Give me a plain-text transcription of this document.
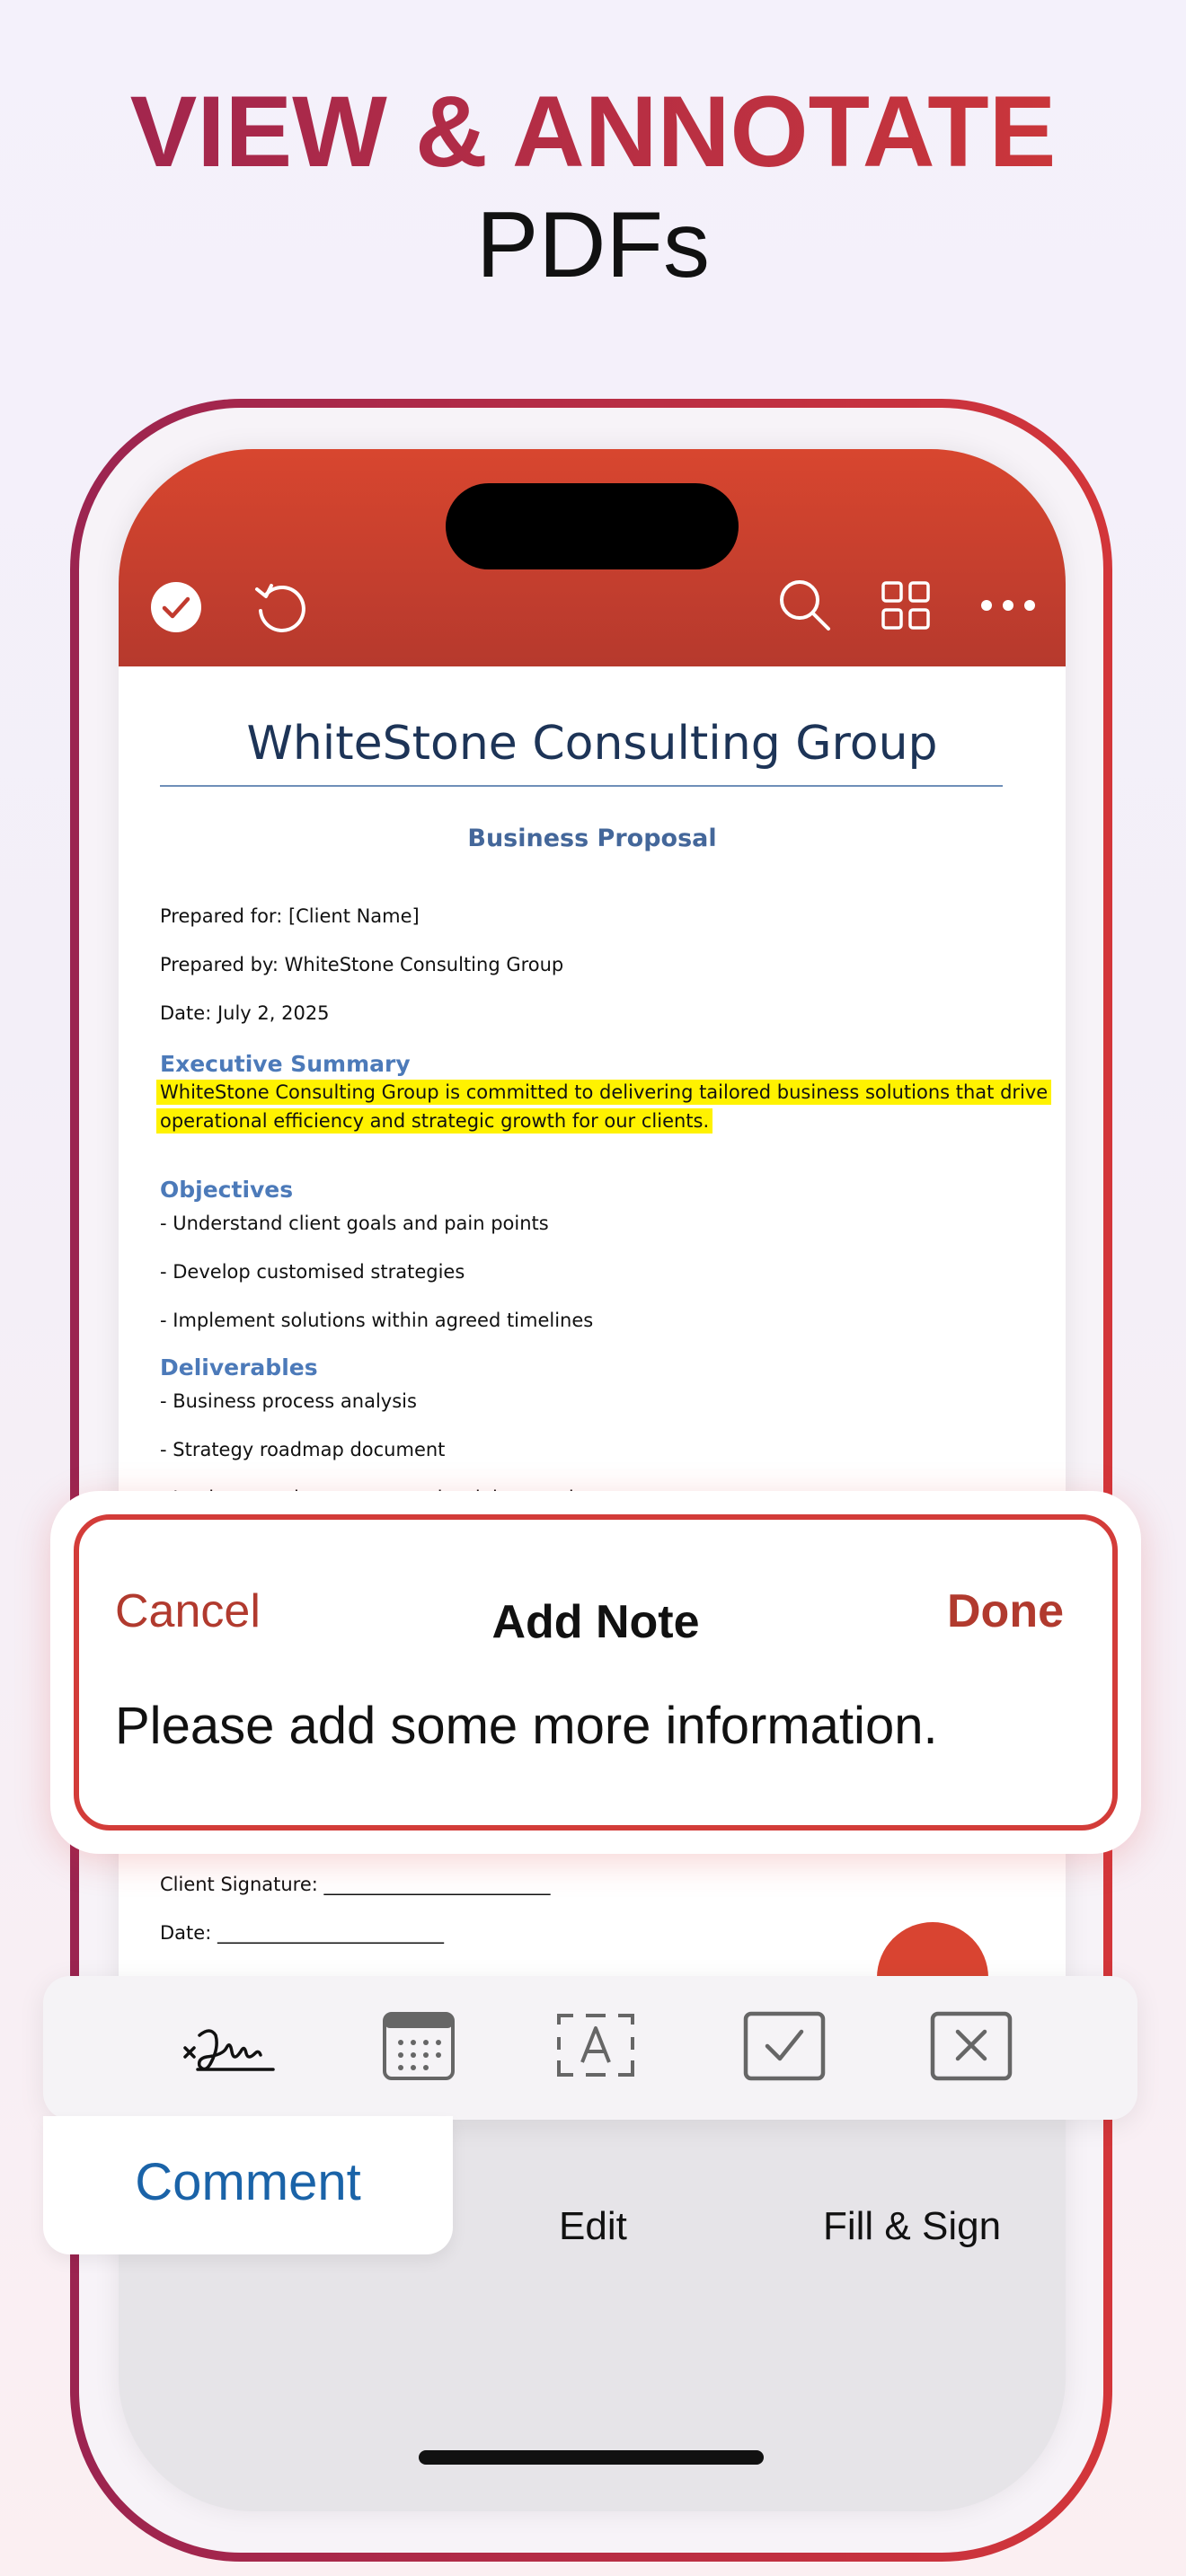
VIEW & ANNOTATE
PDFs
WhiteStone Consulting Group
Business Proposal
Prepared for: [Client Name]
Prepared by: WhiteStone Consulting Group
Date: July 2, 2025
Executive Summary
WhiteStone Consulting Group is committed to delivering tailored business solutions that drive
operational efficiency and strategic growth for our clients.
Objectives
- Understand client goals and pain points
- Develop customised strategies
- Implement solutions within agreed timelines
Deliverables
- Business process analysis
- Strategy roadmap document
Client Signature: ________________________
Date: ________________________
Edit	Fill & Sign
Comment
Add Note
Cancel	Done
Please add some more information.
